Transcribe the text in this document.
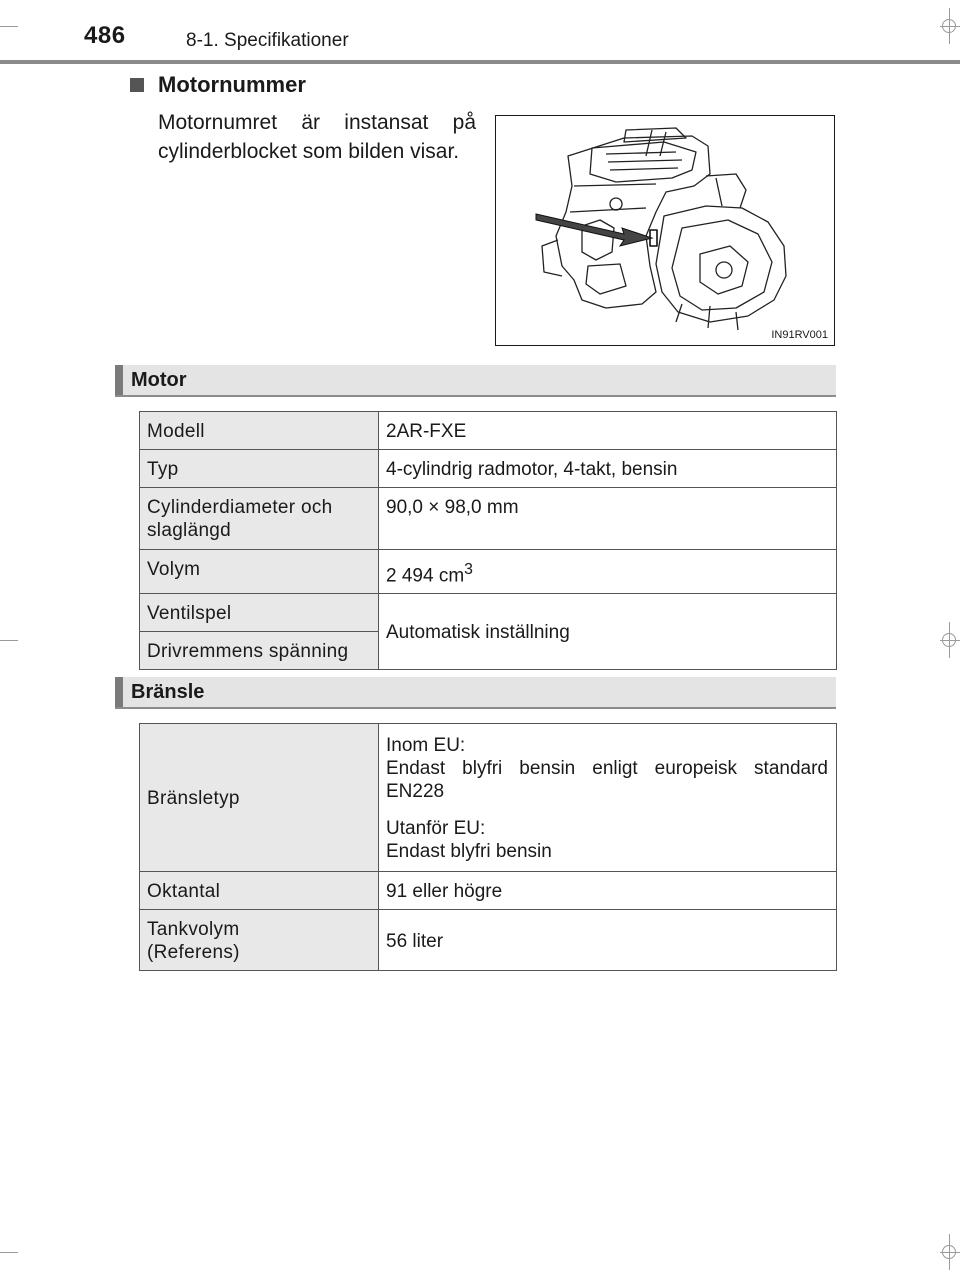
486	8-1. Specifikationer
Motornummer
Motornumret är instansat på cylinderblocket som bilden visar.
IN91RV001
Motor
Modell	2AR-FXE
Typ	4-cylindrig radmotor, 4-takt, bensin
Cylinderdiameter och slaglängd	90,0 × 98,0 mm
Volym	2 494 $cm^3$
Ventilspel	Automatisk inställning
Drivremmens spänning	
Bränsle
Bränsletyp	Inom EU:

Endast blyfri bensin enligt europeisk standard EN228

Utanför EU:
Endast blyfri bensin

Oktantal	91 eller högre
Tankvolym
(Referens)	56 liter
